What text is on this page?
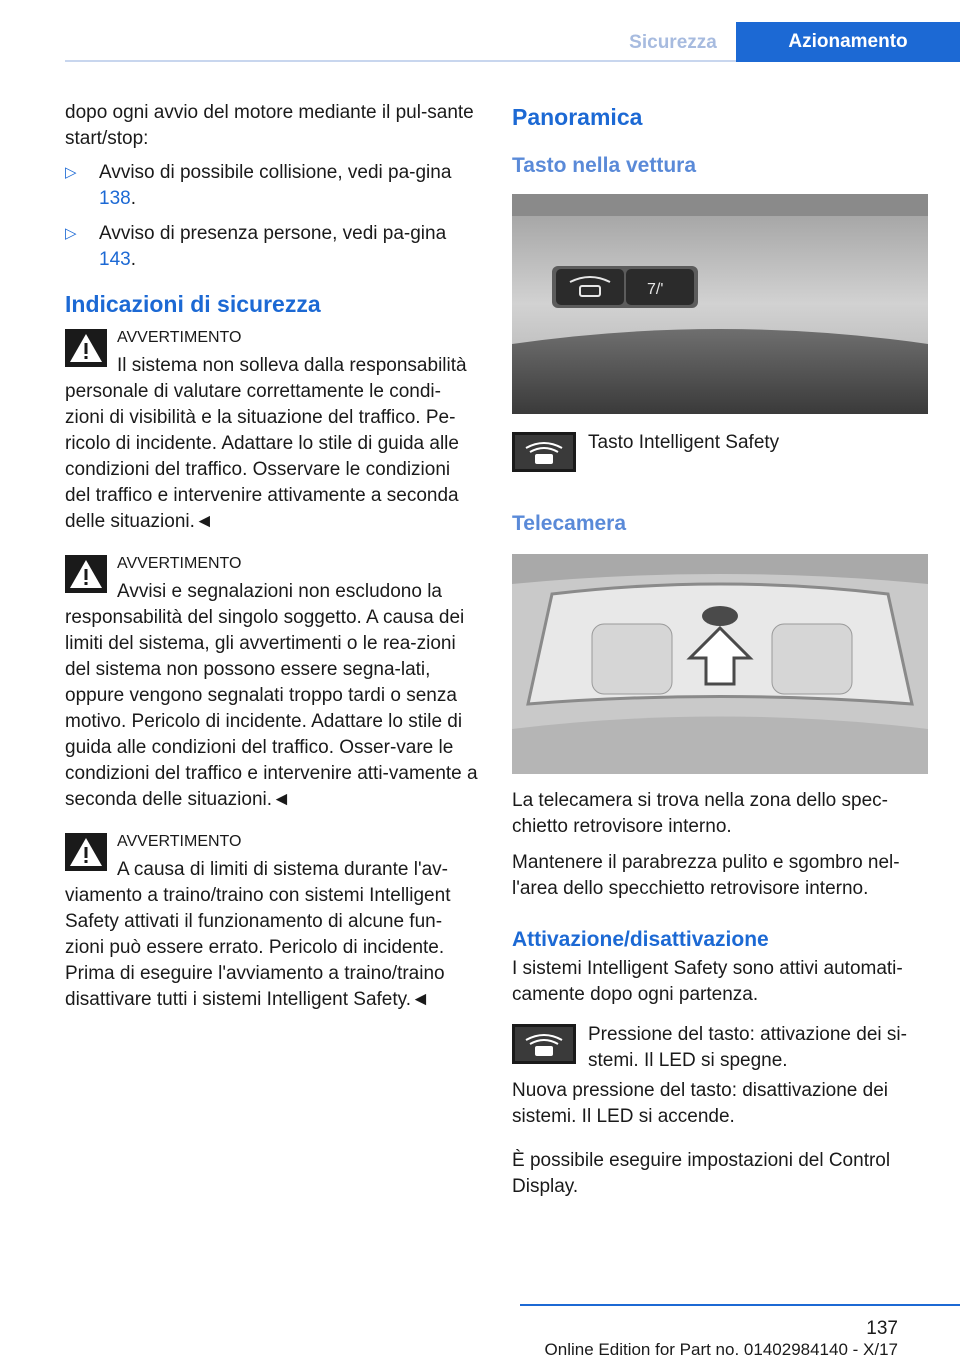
Sicurezza	Azionamento

dopo ogni avvio del motore mediante il pul-sante start/stop:

▷ Avviso di possibile collisione, vedi pa-gina 138.
▷ Avviso di presenza persone, vedi pa-gina 143.
Indicazioni di sicurezza
AVVERTIMENTO

Il sistema non solleva dalla responsabilità personale di valutare correttamente le condi-zioni di visibilità e la situazione del traffico. Pe-ricolo di incidente. Adattare lo stile di guida alle condizioni del traffico. Osservare le condizioni del traffico e intervenire attivamente a seconda delle situazioni.◄

AVVERTIMENTO

Avvisi e segnalazioni non escludono la responsabilità del singolo soggetto. A causa dei limiti del sistema, gli avvertimenti o le rea-zioni del sistema non possono essere segna-lati, oppure vengono segnalati troppo tardi o senza motivo. Pericolo di incidente. Adattare lo stile di guida alle condizioni del traffico. Osser-vare le condizioni del traffico e intervenire atti-vamente a seconda delle situazioni.◄

AVVERTIMENTO

A causa di limiti di sistema durante l'av-viamento a traino/traino con sistemi Intelligent Safety attivati il funzionamento di alcune fun-zioni può essere errato. Pericolo di incidente. Prima di eseguire l'avviamento a traino/traino disattivare tutti i sistemi Intelligent Safety.◄

Panoramica
Tasto nella vettura
7/'

Tasto Intelligent Safety

Telecamera

La telecamera si trova nella zona dello spec-chietto retrovisore interno.

Mantenere il parabrezza pulito e sgombro nel-l'area dello specchietto retrovisore interno.

Attivazione/disattivazione

I sistemi Intelligent Safety sono attivi automati-camente dopo ogni partenza.

Pressione del tasto: attivazione dei si-stemi. Il LED si spegne.

Nuova pressione del tasto: disattivazione dei sistemi. Il LED si accende.

È possibile eseguire impostazioni del Control Display.

137
Online Edition for Part no. 01402984140 - X/17
